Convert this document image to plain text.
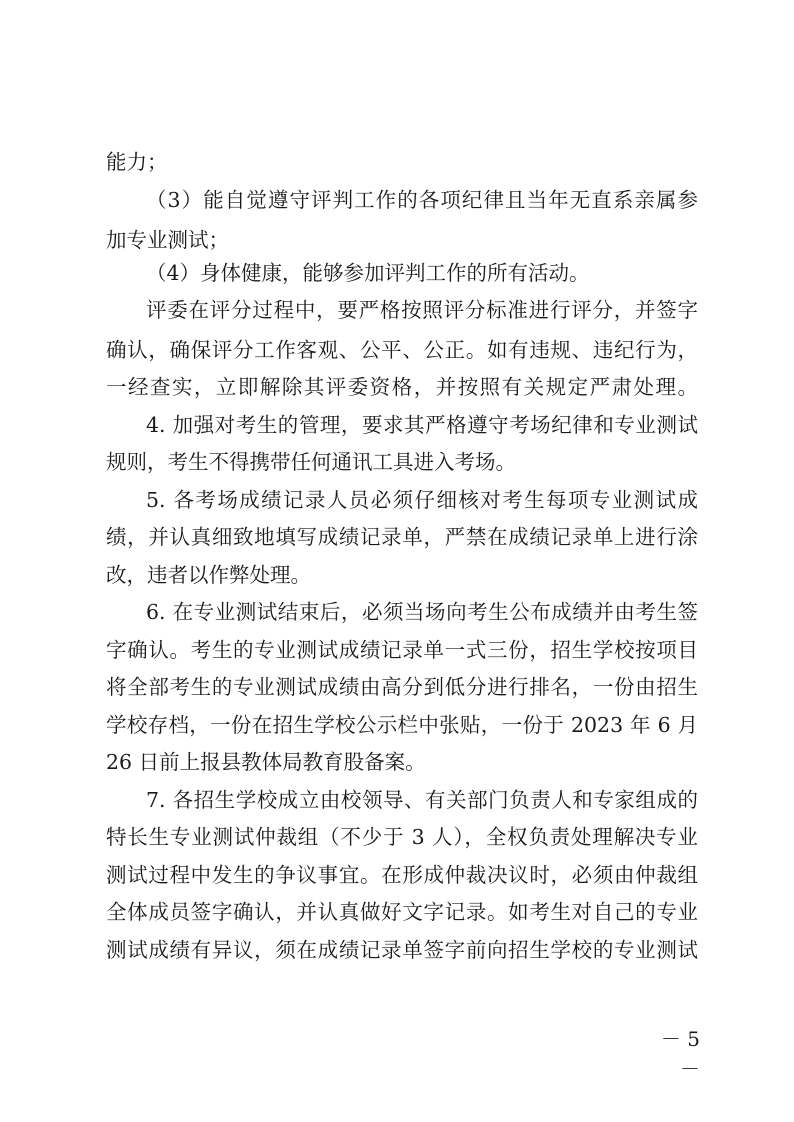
能力；
（3）能自觉遵守评判工作的各项纪律且当年无直系亲属参
加专业测试；
（4）身体健康，能够参加评判工作的所有活动。
评委在评分过程中，要严格按照评分标准进行评分，并签字
确认，确保评分工作客观、公平、公正。如有违规、违纪行为，
一经查实，立即解除其评委资格，并按照有关规定严肃处理。
4. 加强对考生的管理，要求其严格遵守考场纪律和专业测试
规则，考生不得携带任何通讯工具进入考场。
5. 各考场成绩记录人员必须仔细核对考生每项专业测试成
绩，并认真细致地填写成绩记录单，严禁在成绩记录单上进行涂
改，违者以作弊处理。
6. 在专业测试结束后，必须当场向考生公布成绩并由考生签
字确认。考生的专业测试成绩记录单一式三份，招生学校按项目
将全部考生的专业测试成绩由高分到低分进行排名，一份由招生
学校存档，一份在招生学校公示栏中张贴，一份于 2023 年 6 月
26 日前上报县教体局教育股备案。
7. 各招生学校成立由校领导、有关部门负责人和专家组成的
特长生专业测试仲裁组（不少于 3 人），全权负责处理解决专业
测试过程中发生的争议事宜。在形成仲裁决议时，必须由仲裁组
全体成员签字确认，并认真做好文字记录。如考生对自己的专业
测试成绩有异议，须在成绩记录单签字前向招生学校的专业测试
－ 5 －
